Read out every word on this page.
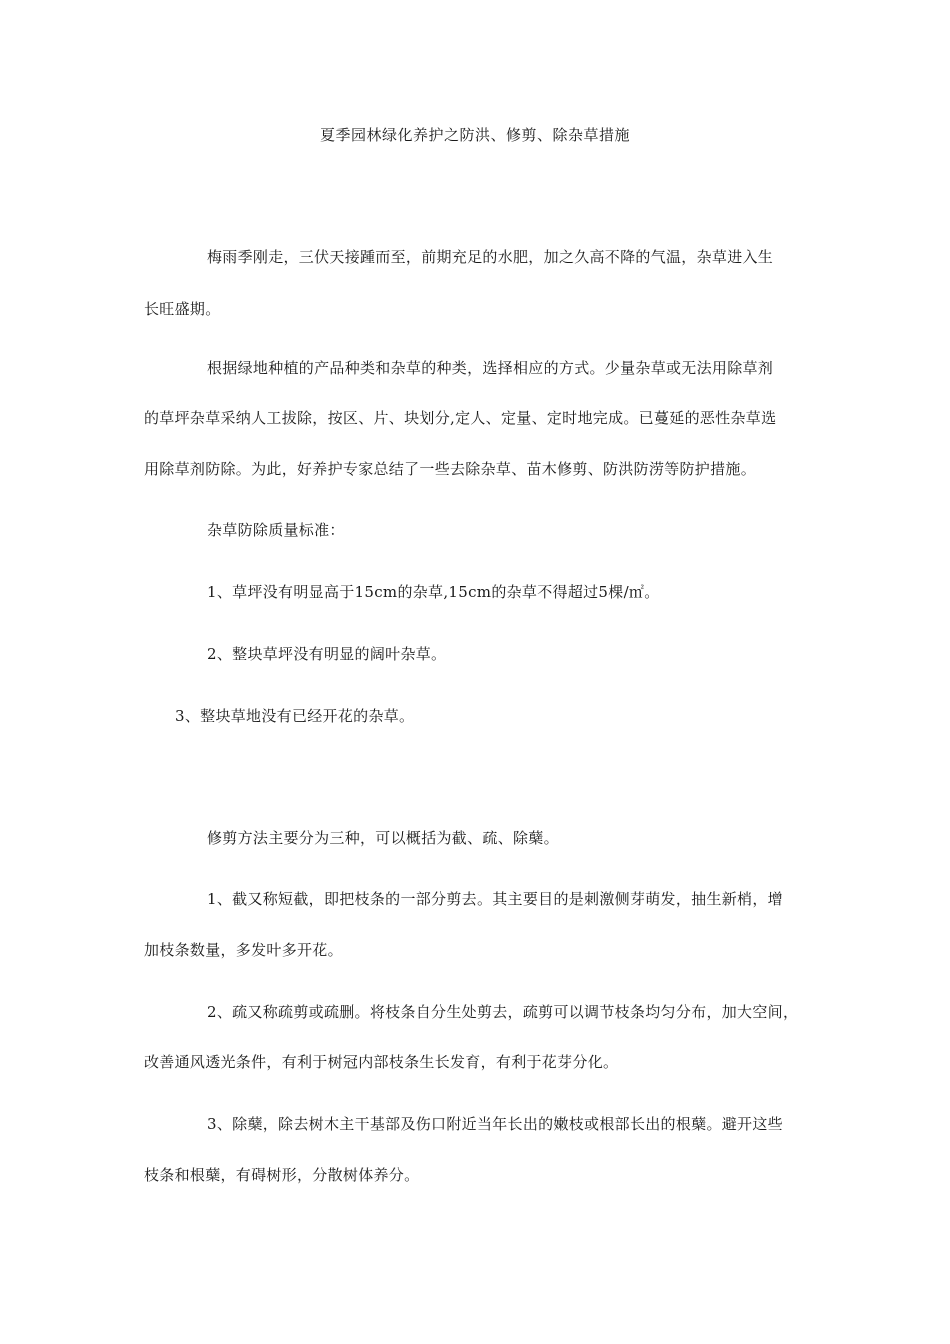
夏季园林绿化养护之防洪、修剪、除杂草措施
梅雨季刚走，三伏天接踵而至，前期充足的水肥，加之久高不降的气温，杂草进入生
长旺盛期。
根据绿地种植的产品种类和杂草的种类，选择相应的方式。少量杂草或无法用除草剂
的草坪杂草采纳人工拔除，按区、片、块划分,定人、定量、定时地完成。已蔓延的恶性杂草选
用除草剂防除。为此，好养护专家总结了一些去除杂草、苗木修剪、防洪防涝等防护措施。
杂草防除质量标准：
1、草坪没有明显高于15cm的杂草,15cm的杂草不得超过5棵/㎡。
2、整块草坪没有明显的阔叶杂草。
3、整块草地没有已经开花的杂草。
修剪方法主要分为三种，可以概括为截、疏、除蘖。
1、截又称短截，即把枝条的一部分剪去。其主要目的是刺激侧芽萌发，抽生新梢，增
加枝条数量，多发叶多开花。
2、疏又称疏剪或疏删。将枝条自分生处剪去，疏剪可以调节枝条均匀分布，加大空间，
改善通风透光条件，有利于树冠内部枝条生长发育，有利于花芽分化。
3、除蘖，除去树木主干基部及伤口附近当年长出的嫩枝或根部长出的根蘖。避开这些
枝条和根蘖，有碍树形，分散树体养分。
